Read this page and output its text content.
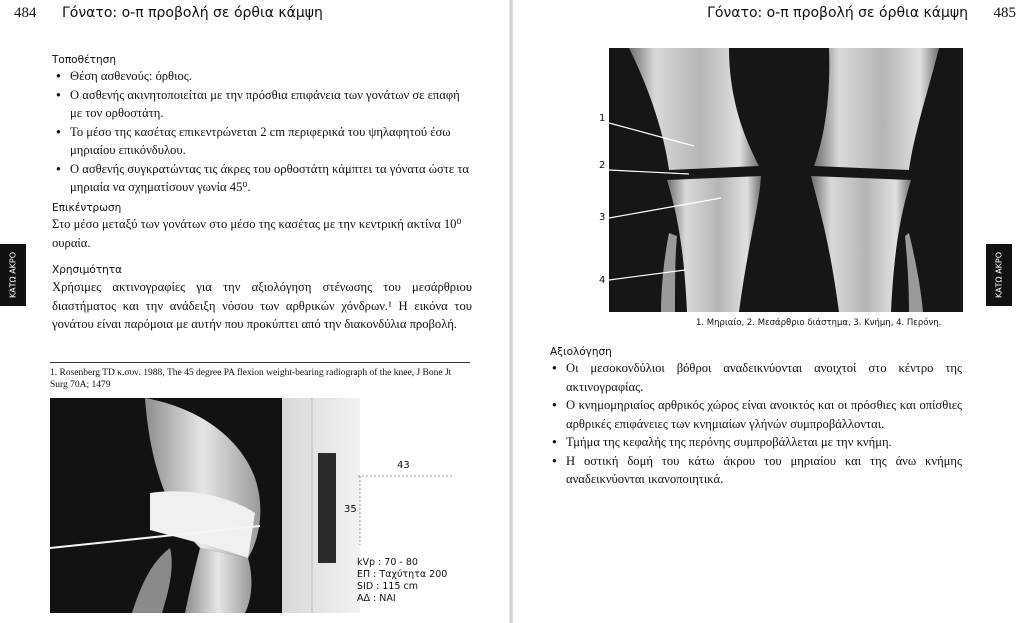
484 Γόνατο: ο-π προβολή σε όρθια κάμψη
Τοποθέτηση
● Θέση ασθενούς: όρθιος.
● Ο ασθενής ακινητοποιείται με την πρόσθια επιφάνεια των γονάτων σε επαφή με τον ορθοστάτη.
● Το μέσο της κασέτας επικεντρώνεται 2 cm περιφερικά του ψηλαφητού έσω μηριαίου επικόνδυλου.
● Ο ασθενής συγκρατώντας τις άκρες του ορθοστάτη κάμπτει τα γόνατα ώστε τα μηριαία να σχηματίσουν γωνία 45⁰.
Επικέντρωση
Στο μέσο μεταξύ των γονάτων στο μέσο της κασέτας με την κεντρική ακτίνα 10⁰ ουραία.
Χρησιμότητα
Χρήσιμες ακτινογραφίες για την αξιολόγηση στένωσης του μεσάρθριου διαστήματος και την ανάδειξη νόσου των αρθρικών χόνδρων.¹ Η εικόνα του γονάτου είναι παρόμοια με αυτήν που προκύπτει από την διακονδύλια προβολή.
1. Rosenberg TD κ.συν. 1988, The 45 degree PA flexion weight-bearing radiograph of the knee, J Bone Jt Surg 70A; 1479
ΚΑΤΩ ΑΚΡΟ
43
35
kVp : 70 - 80
ΕΠ : Ταχύτητα 200
SID : 115 cm
ΑΔ : ΝΑΙ
Γόνατο: ο-π προβολή σε όρθια κάμψη 485
ΚΑΤΩ ΑΚΡΟ
1
2
3
4
1. Μηριαίο, 2. Μεσάρθριο διάστημα, 3. Κνήμη, 4. Περόνη.
Αξιολόγηση
● Οι μεσοκονδύλιοι βόθροι αναδεικνύονται ανοιχτοί στο κέντρο της ακτινογραφίας.
● Ο κνημομηριαίος αρθρικός χώρος είναι ανοικτός και οι πρόσθιες και οπίσθιες αρθρικές επιφάνειες των κνημιαίων γλήνών συμπροβάλλονται.
● Τμήμα της κεφαλής της περόνης συμπροβάλλεται με την κνήμη.
● Η οστική δομή του κάτω άκρου του μηριαίου και της άνω κνήμης αναδεικνύονται ικανοποιητικά.
